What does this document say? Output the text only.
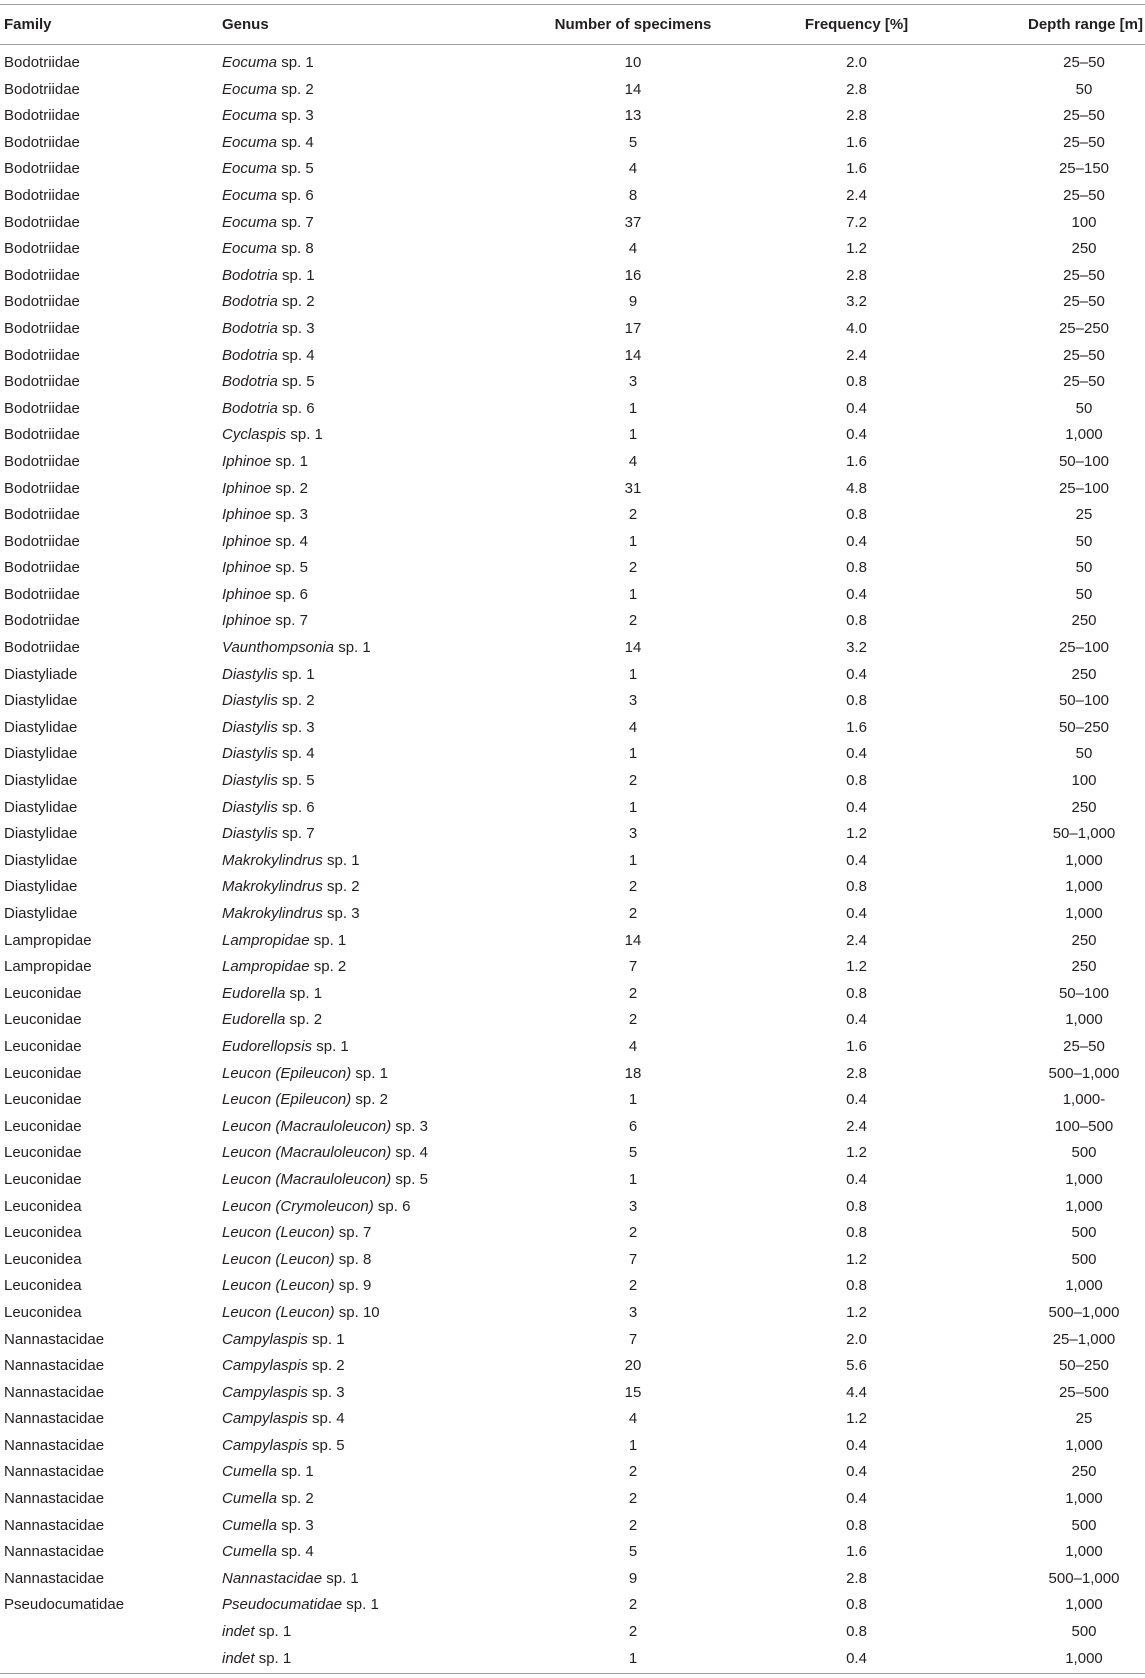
Family	Genus	Number of specimens	Frequency [%]	Depth range [m]
Bodotriidae	Eocuma sp. 1	10	2.0	25–50
Bodotriidae	Eocuma sp. 2	14	2.8	50
Bodotriidae	Eocuma sp. 3	13	2.8	25–50
Bodotriidae	Eocuma sp. 4	5	1.6	25–50
Bodotriidae	Eocuma sp. 5	4	1.6	25–150
Bodotriidae	Eocuma sp. 6	8	2.4	25–50
Bodotriidae	Eocuma sp. 7	37	7.2	100
Bodotriidae	Eocuma sp. 8	4	1.2	250
Bodotriidae	Bodotria sp. 1	16	2.8	25–50
Bodotriidae	Bodotria sp. 2	9	3.2	25–50
Bodotriidae	Bodotria sp. 3	17	4.0	25–250
Bodotriidae	Bodotria sp. 4	14	2.4	25–50
Bodotriidae	Bodotria sp. 5	3	0.8	25–50
Bodotriidae	Bodotria sp. 6	1	0.4	50
Bodotriidae	Cyclaspis sp. 1	1	0.4	1,000
Bodotriidae	Iphinoe sp. 1	4	1.6	50–100
Bodotriidae	Iphinoe sp. 2	31	4.8	25–100
Bodotriidae	Iphinoe sp. 3	2	0.8	25
Bodotriidae	Iphinoe sp. 4	1	0.4	50
Bodotriidae	Iphinoe sp. 5	2	0.8	50
Bodotriidae	Iphinoe sp. 6	1	0.4	50
Bodotriidae	Iphinoe sp. 7	2	0.8	250
Bodotriidae	Vaunthompsonia sp. 1	14	3.2	25–100
Diastyliade	Diastylis sp. 1	1	0.4	250
Diastylidae	Diastylis sp. 2	3	0.8	50–100
Diastylidae	Diastylis sp. 3	4	1.6	50–250
Diastylidae	Diastylis sp. 4	1	0.4	50
Diastylidae	Diastylis sp. 5	2	0.8	100
Diastylidae	Diastylis sp. 6	1	0.4	250
Diastylidae	Diastylis sp. 7	3	1.2	50–1,000
Diastylidae	Makrokylindrus sp. 1	1	0.4	1,000
Diastylidae	Makrokylindrus sp. 2	2	0.8	1,000
Diastylidae	Makrokylindrus sp. 3	2	0.4	1,000
Lampropidae	Lampropidae sp. 1	14	2.4	250
Lampropidae	Lampropidae sp. 2	7	1.2	250
Leuconidae	Eudorella sp. 1	2	0.8	50–100
Leuconidae	Eudorella sp. 2	2	0.4	1,000
Leuconidae	Eudorellopsis sp. 1	4	1.6	25–50
Leuconidae	Leucon (Epileucon) sp. 1	18	2.8	500–1,000
Leuconidae	Leucon (Epileucon) sp. 2	1	0.4	1,000-
Leuconidae	Leucon (Macrauloleucon) sp. 3	6	2.4	100–500
Leuconidae	Leucon (Macrauloleucon) sp. 4	5	1.2	500
Leuconidae	Leucon (Macrauloleucon) sp. 5	1	0.4	1,000
Leuconidea	Leucon (Crymoleucon) sp. 6	3	0.8	1,000
Leuconidea	Leucon (Leucon) sp. 7	2	0.8	500
Leuconidea	Leucon (Leucon) sp. 8	7	1.2	500
Leuconidea	Leucon (Leucon) sp. 9	2	0.8	1,000
Leuconidea	Leucon (Leucon) sp. 10	3	1.2	500–1,000
Nannastacidae	Campylaspis sp. 1	7	2.0	25–1,000
Nannastacidae	Campylaspis sp. 2	20	5.6	50–250
Nannastacidae	Campylaspis sp. 3	15	4.4	25–500
Nannastacidae	Campylaspis sp. 4	4	1.2	25
Nannastacidae	Campylaspis sp. 5	1	0.4	1,000
Nannastacidae	Cumella sp. 1	2	0.4	250
Nannastacidae	Cumella sp. 2	2	0.4	1,000
Nannastacidae	Cumella sp. 3	2	0.8	500
Nannastacidae	Cumella sp. 4	5	1.6	1,000
Nannastacidae	Nannastacidae sp. 1	9	2.8	500–1,000
Pseudocumatidae	Pseudocumatidae sp. 1	2	0.8	1,000
	indet sp. 1	2	0.8	500
	indet sp. 1	1	0.4	1,000
